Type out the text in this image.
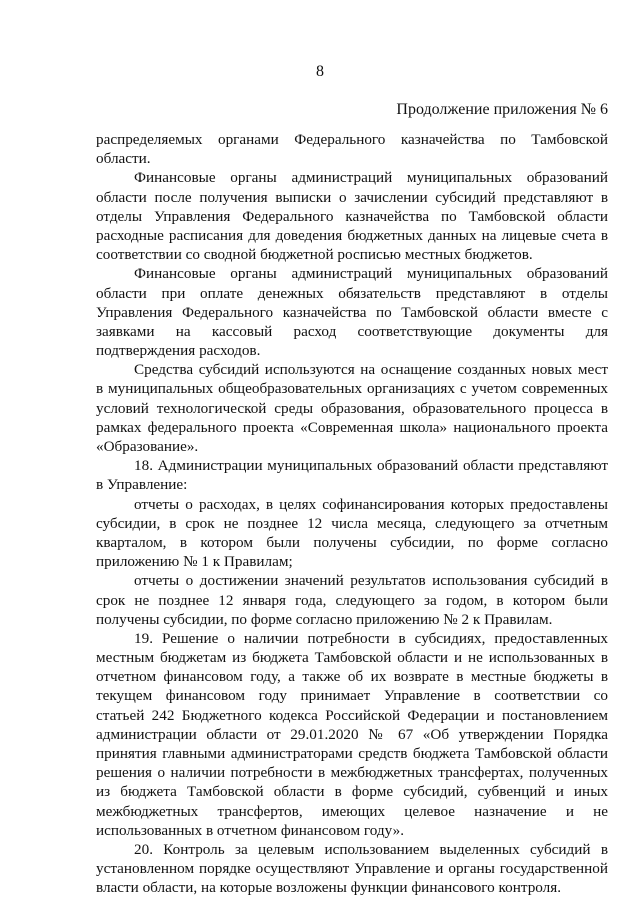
8
Продолжение приложения № 6
распределяемых органами Федерального казначейства по Тамбовской
области.
Финансовые органы администраций муниципальных образований
области после получения выписки о зачислении субсидий представляют в
отделы Управления Федерального казначейства по Тамбовской области
расходные расписания для доведения бюджетных данных на лицевые счета в
соответствии со сводной бюджетной росписью местных бюджетов.
Финансовые органы администраций муниципальных образований
области при оплате денежных обязательств представляют в отделы
Управления Федерального казначейства по Тамбовской области вместе с
заявками на кассовый расход соответствующие документы для
подтверждения расходов.
Средства субсидий используются на оснащение созданных новых мест
в муниципальных общеобразовательных организациях с учетом современных
условий технологической среды образования, образовательного процесса в
рамках федерального проекта «Современная школа» национального проекта
«Образование».
18. Администрации муниципальных образований области представляют
в Управление:
отчеты о расходах, в целях софинансирования которых предоставлены
субсидии, в срок не позднее 12 числа месяца, следующего за отчетным
кварталом, в котором были получены субсидии, по форме согласно
приложению № 1 к Правилам;
отчеты о достижении значений результатов использования субсидий в
срок не позднее 12 января года, следующего за годом, в котором были
получены субсидии, по форме согласно приложению № 2 к Правилам.
19. Решение о наличии потребности в субсидиях, предоставленных
местным бюджетам из бюджета Тамбовской области и не использованных в
отчетном финансовом году, а также об их возврате в местные бюджеты в
текущем финансовом году принимает Управление в соответствии со
статьей 242 Бюджетного кодекса Российской Федерации и постановлением
администрации области от 29.01.2020 № 67 «Об утверждении Порядка
принятия главными администраторами средств бюджета Тамбовской области
решения о наличии потребности в межбюджетных трансфертах, полученных
из бюджета Тамбовской области в форме субсидий, субвенций и иных
межбюджетных трансфертов, имеющих целевое назначение и не
использованных в отчетном финансовом году».
20. Контроль за целевым использованием выделенных субсидий в
установленном порядке осуществляют Управление и органы государственной
власти области, на которые возложены функции финансового контроля.
